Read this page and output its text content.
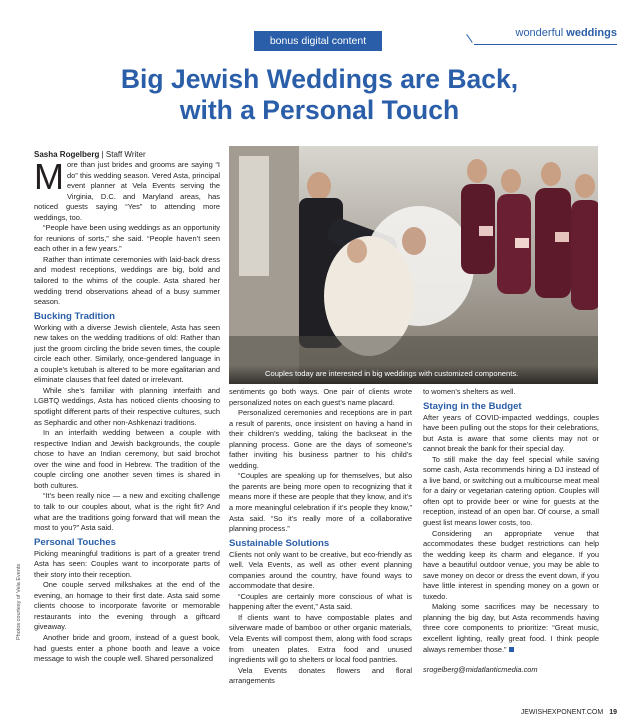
bonus digital content
wonderful weddings
Big Jewish Weddings are Back,
with a Personal Touch
Sasha Rogelberg | Staff Writer
Couples today are interested in big weddings with customized components.
Photos courtesy of Vela Events

More than just brides and grooms are saying “I do” this wedding season. Vered Asta, principal event planner at Vela Events serving the Virginia, D.C. and Maryland areas, has noticed guests saying “Yes” to attending more weddings, too.

“People have been using weddings as an opportunity for reunions of sorts,” she said. “People haven’t seen each other in a few years.”

Rather than intimate ceremonies with laid-back dress and modest receptions, weddings are big, bold and tailored to the whims of the couple. Asta shared her wedding trend observations ahead of a busy summer season.

Bucking Tradition

Working with a diverse Jewish clientele, Asta has seen new takes on the wedding traditions of old: Rather than just the groom circling the bride seven times, the couple circle each other. Similarly, once-gendered language in a couple’s ketubah is altered to be more egalitarian and eliminate clauses that feel dated or irrelevant.

While she’s familiar with planning interfaith and LGBTQ weddings, Asta has noticed clients choosing to spotlight different parts of their respective cultures, such as Sephardic and other non-Ashkenazi traditions.

In an interfaith wedding between a couple with respective Indian and Jewish backgrounds, the couple chose to have an Indian ceremony, but said brochot over the wine and food in Hebrew. The tradition of the couple circling one another seven times is shared in both cultures.

“It’s been really nice — a new and exciting challenge to talk to our couples about, what is the right fit? And what are the traditions going forward that will mean the most to you?” Asta said.

Personal Touches

Picking meaningful traditions is part of a greater trend Asta has seen: Couples want to incorporate parts of their story into their reception.

One couple served milkshakes at the end of the evening, an homage to their first date. Asta said some clients choose to incorporate favorite or memorable restaurants into the evening through a giftcard giveaway.

Another bride and groom, instead of a guest book, had guests enter a phone booth and leave a voice message to wish the couple well. Shared personalized

sentiments go both ways. One pair of clients wrote personalized notes on each guest’s name placard.

Personalized ceremonies and receptions are in part a result of parents, once insistent on having a hand in their children’s wedding, taking the backseat in the planning process. Gone are the days of someone’s father inviting his business partner to his child’s wedding.

“Couples are speaking up for themselves, but also the parents are being more open to recognizing that it means more if these are people that they know, and it’s a more meaningful celebration if it’s people they know,” Asta said. “So it’s really more of a collaborative planning process.”

Sustainable Solutions

Clients not only want to be creative, but eco-friendly as well. Vela Events, as well as other event planning companies around the country, have found ways to accommodate that desire.

“Couples are certainly more conscious of what is happening after the event,” Asta said.

If clients want to have compostable plates and silverware made of bamboo or other organic materials, Vela Events will compost them, along with food scraps from uneaten plates. Extra food and unused ingredients will go to shelters or local food pantries.

Vela Events donates flowers and floral arrangements

to women’s shelters as well.

Staying in the Budget

After years of COVID-impacted weddings, couples have been pulling out the stops for their celebrations, but Asta is aware that some clients may not or cannot break the bank for their special day.

To still make the day feel special while saving some cash, Asta recommends hiring a DJ instead of a live band, or switching out a multicourse meat meal for a dairy or vegetarian catering option. Couples will often opt to provide beer or wine for guests at the reception, instead of an open bar. Of course, a small guest list means lower costs, too.

Considering an appropriate venue that accommodates these budget restrictions can help the wedding keep its charm and elegance. If you have a beautiful outdoor venue, you may be able to save money on decor or dress the event down, if you have little interest in spending money on a gown or tuxedo.

Making some sacrifices may be necessary to planning the big day, but Asta recommends having three core components to prioritize: “Great music, excellent lighting, really great food. I think people always remember those.”

srogelberg@midatlanticmedia.com

JEWISHEXPONENT.COM 19
